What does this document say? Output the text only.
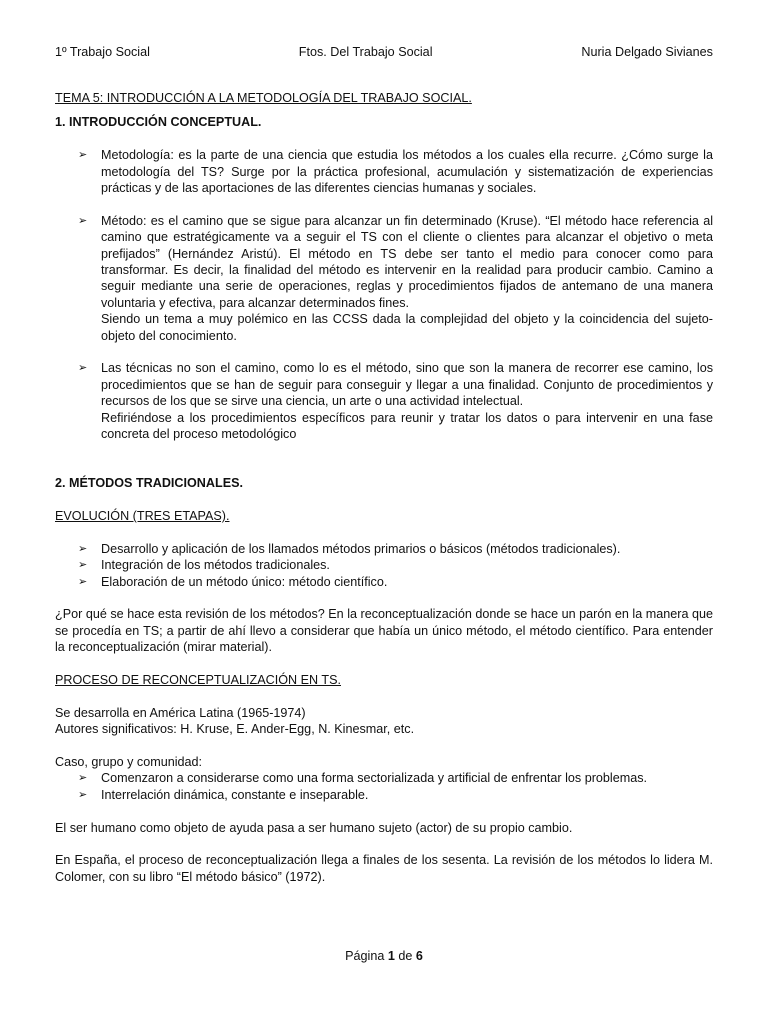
1º Trabajo Social	Ftos. Del Trabajo Social	Nuria Delgado Sivianes

TEMA 5: INTRODUCCIÓN A LA METODOLOGÍA DEL TRABAJO SOCIAL.

1. INTRODUCCIÓN CONCEPTUAL.

➢ Metodología: es la parte de una ciencia que estudia los métodos a los cuales ella recurre. ¿Cómo surge la metodología del TS? Surge por la práctica profesional, acumulación y sistematización de experiencias prácticas y de las aportaciones de las diferentes ciencias humanas y sociales.
➢ Método: es el camino que se sigue para alcanzar un fin determinado (Kruse). “El método hace referencia al camino que estratégicamente va a seguir el TS con el cliente o clientes para alcanzar el objetivo o meta prefijados” (Hernández Aristú). El método en TS debe ser tanto el medio para conocer como para transformar. Es decir, la finalidad del método es intervenir en la realidad para producir cambio. Camino a seguir mediante una serie de operaciones, reglas y procedimientos fijados de antemano de una manera voluntaria y efectiva, para alcanzar determinados fines.
Siendo un tema a muy polémico en las CCSS dada la complejidad del objeto y la coincidencia del sujeto-objeto del conocimiento.
➢ Las técnicas no son el camino, como lo es el método, sino que son la manera de recorrer ese camino, los procedimientos que se han de seguir para conseguir y llegar a una finalidad. Conjunto de procedimientos y recursos de los que se sirve una ciencia, un arte o una actividad intelectual.
Refiriéndose a los procedimientos específicos para reunir y tratar los datos o para intervenir en una fase concreta del proceso metodológico

2. MÉTODOS TRADICIONALES.

EVOLUCIÓN (TRES ETAPAS).

➢ Desarrollo y aplicación de los llamados métodos primarios o básicos (métodos tradicionales).
➢ Integración de los métodos tradicionales.
➢ Elaboración de un método único: método científico.

¿Por qué se hace esta revisión de los métodos? En la reconceptualización donde se hace un parón en la manera que se procedía en TS; a partir de ahí llevo a considerar que había un único método, el método científico. Para entender la reconceptualización (mirar material).

PROCESO DE RECONCEPTUALIZACIÓN EN TS.

Se desarrolla en América Latina (1965-1974)

Autores significativos: H. Kruse, E. Ander-Egg, N. Kinesmar, etc.

Caso, grupo y comunidad:

➢ Comenzaron a considerarse como una forma sectorializada y artificial de enfrentar los problemas.
➢ Interrelación dinámica, constante e inseparable.

El ser humano como objeto de ayuda pasa a ser humano sujeto (actor) de su propio cambio.

En España, el proceso de reconceptualización llega a finales de los sesenta. La revisión de los métodos lo lidera M. Colomer, con su libro “El método básico” (1972).

Página 1 de 6
